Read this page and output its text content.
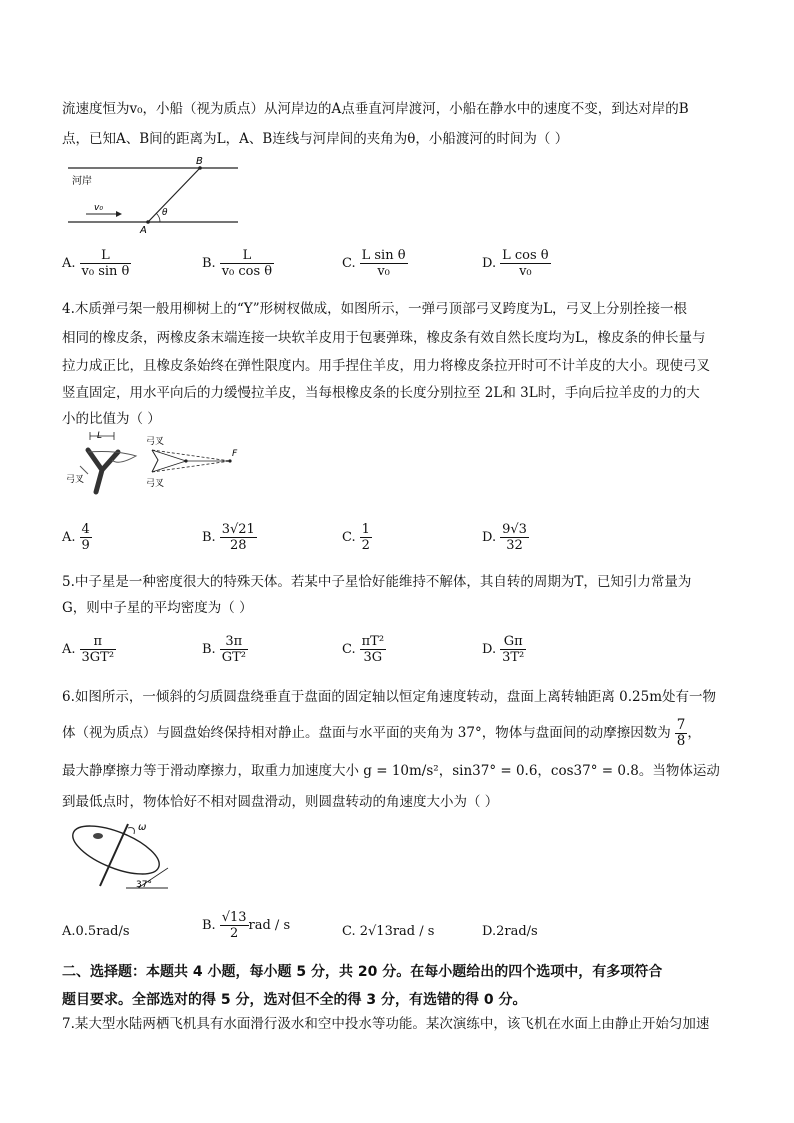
流速度恒为v₀，小船（视为质点）从河岸边的A点垂直河岸渡河，小船在静水中的速度不变，到达对岸的B
点，已知A、B间的距离为L，A、B连线与河岸间的夹角为θ，小船渡河的时间为（ ）
河岸
B
A
v₀	θ
A. $\frac{L}{\text{v₀ sin θ}}$	B. $\frac{L}{\text{v₀ cos θ}}$	C. $\frac{\text{L sin θ}}{\text{v₀}}$	D. $\frac{\text{L cos θ}}{\text{v₀}}$
4.木质弹弓架一般用柳树上的“Y”形树杈做成，如图所示，一弹弓顶部弓叉跨度为L，弓叉上分别拴接一根
相同的橡皮条，两橡皮条末端连接一块软羊皮用于包裹弹珠，橡皮条有效自然长度均为L，橡皮条的伸长量与
拉力成正比，且橡皮条始终在弹性限度内。用手捏住羊皮，用力将橡皮条拉开时可不计羊皮的大小。现使弓叉
竖直固定，用水平向后的力缓慢拉羊皮，当每根橡皮条的长度分别拉至 2L和 3L时，手向后拉羊皮的力的大
小的比值为（ ）
L
弓叉
弓叉
弓叉
F
A. $\frac{4}{9}$	B. $\frac{3√21}{28}$	C. $\frac{1}{2}$	D. $\frac{9√3}{32}$
5.中子星是一种密度很大的特殊天体。若某中子星恰好能维持不解体，其自转的周期为T，已知引力常量为
G，则中子星的平均密度为（ ）
A. $\frac{\pi}{\text{3GT²}}$	B. $\frac{3\pi}{\text{GT²}}$	C. $\frac{\text{πT²}}{3G}$	D. $\frac{G\pi}{\text{3T²}}$
6.如图所示，一倾斜的匀质圆盘绕垂直于盘面的固定轴以恒定角速度转动，盘面上离转轴距离 0.25m处有一物
体（视为质点）与圆盘始终保持相对静止。盘面与水平面的夹角为 37°，物体与盘面间的动摩擦因数为 $\frac{7}{8}$ ，
最大静摩擦力等于滑动摩擦力，取重力加速度大小 g = 10m/s²，sin37° = 0.6，cos37° = 0.8。当物体运动
到最低点时，物体恰好不相对圆盘滑动，则圆盘转动的角速度大小为（ ）
ω
37°
A.0.5rad/s	B. $\frac{√13}{2}$ rad / s	C. 2√13rad / s	D.2rad/s
二、选择题：本题共 4 小题，每小题 5 分，共 20 分。在每小题给出的四个选项中，有多项符合
题目要求。全部选对的得 5 分，选对但不全的得 3 分，有选错的得 0 分。
7.某大型水陆两栖飞机具有水面滑行汲水和空中投水等功能。某次演练中，该飞机在水面上由静止开始匀加速
